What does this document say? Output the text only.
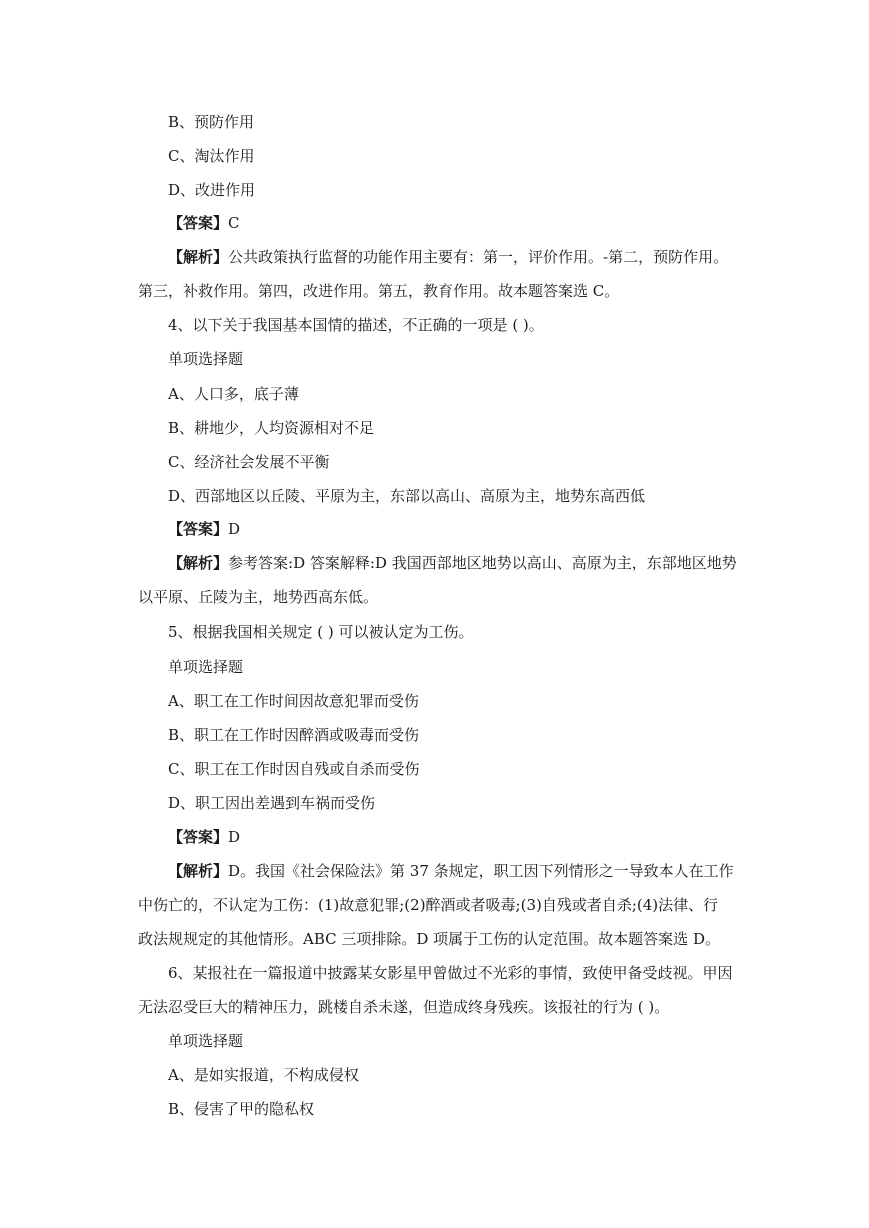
B、预防作用
C、淘汰作用
D、改进作用
【答案】C
【解析】公共政策执行监督的功能作用主要有：第一，评价作用。-第二，预防作用。
第三，补救作用。第四，改进作用。第五，教育作用。故本题答案选 C。
4、以下关于我国基本国情的描述，不正确的一项是 ( )。
单项选择题
A、人口多，底子薄
B、耕地少，人均资源相对不足
C、经济社会发展不平衡
D、西部地区以丘陵、平原为主，东部以高山、高原为主，地势东高西低
【答案】D
【解析】参考答案:D 答案解释:D 我国西部地区地势以高山、高原为主，东部地区地势
以平原、丘陵为主，地势西高东低。
5、根据我国相关规定 ( ) 可以被认定为工伤。
单项选择题
A、职工在工作时间因故意犯罪而受伤
B、职工在工作时因醉酒或吸毒而受伤
C、职工在工作时因自残或自杀而受伤
D、职工因出差遇到车祸而受伤
【答案】D
【解析】D。我国《社会保险法》第 37 条规定，职工因下列情形之一导致本人在工作
中伤亡的，不认定为工伤：(1)故意犯罪;(2)醉酒或者吸毒;(3)自残或者自杀;(4)法律、行
政法规规定的其他情形。ABC 三项排除。D 项属于工伤的认定范围。故本题答案选 D。
6、某报社在一篇报道中披露某女影星甲曾做过不光彩的事情，致使甲备受歧视。甲因
无法忍受巨大的精神压力，跳楼自杀未遂，但造成终身残疾。该报社的行为 ( )。
单项选择题
A、是如实报道，不构成侵权
B、侵害了甲的隐私权
